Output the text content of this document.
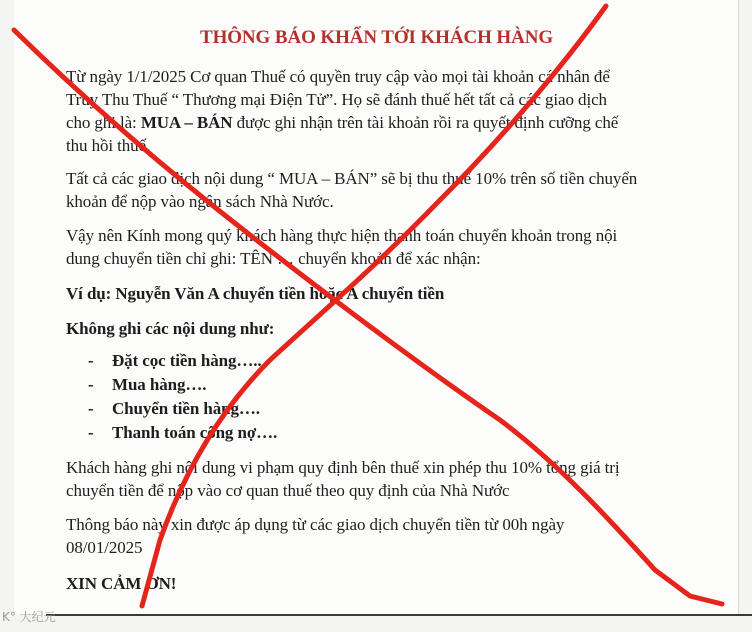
THÔNG BÁO KHẨN TỚI KHÁCH HÀNG
Từ ngày 1/1/2025 Cơ quan Thuế có quyền truy cập vào mọi tài khoản cá nhân để
Truy Thu Thuế “ Thương mại Điện Tử”. Họ sẽ đánh thuế hết tất cả các giao dịch
cho ghi là: MUA – BÁN được ghi nhận trên tài khoản rồi ra quyết định cưỡng chế
thu hồi thuế.
Tất cả các giao dịch nội dung “ MUA – BÁN” sẽ bị thu thuế 10% trên số tiền chuyển
khoản để nộp vào ngân sách Nhà Nước.
Vậy nên Kính mong quý khách hàng thực hiện thanh toán chuyển khoản trong nội
dung chuyển tiền chỉ ghi: TÊN … chuyển khoản để xác nhận:
Ví dụ: Nguyễn Văn A chuyển tiền hoặc A chuyển tiền
Không ghi các nội dung như:
- Đặt cọc tiền hàng…..
- Mua hàng….
- Chuyển tiền hàng….
- Thanh toán công nợ….
Khách hàng ghi nội dung vi phạm quy định bên thuế xin phép thu 10% tổng giá trị
chuyển tiền để nộp vào cơ quan thuế theo quy định của Nhà Nước
Thông báo này xin được áp dụng từ các giao dịch chuyển tiền từ 00h ngày
08/01/2025
XIN CẢM ƠN!
K° 大纪元
